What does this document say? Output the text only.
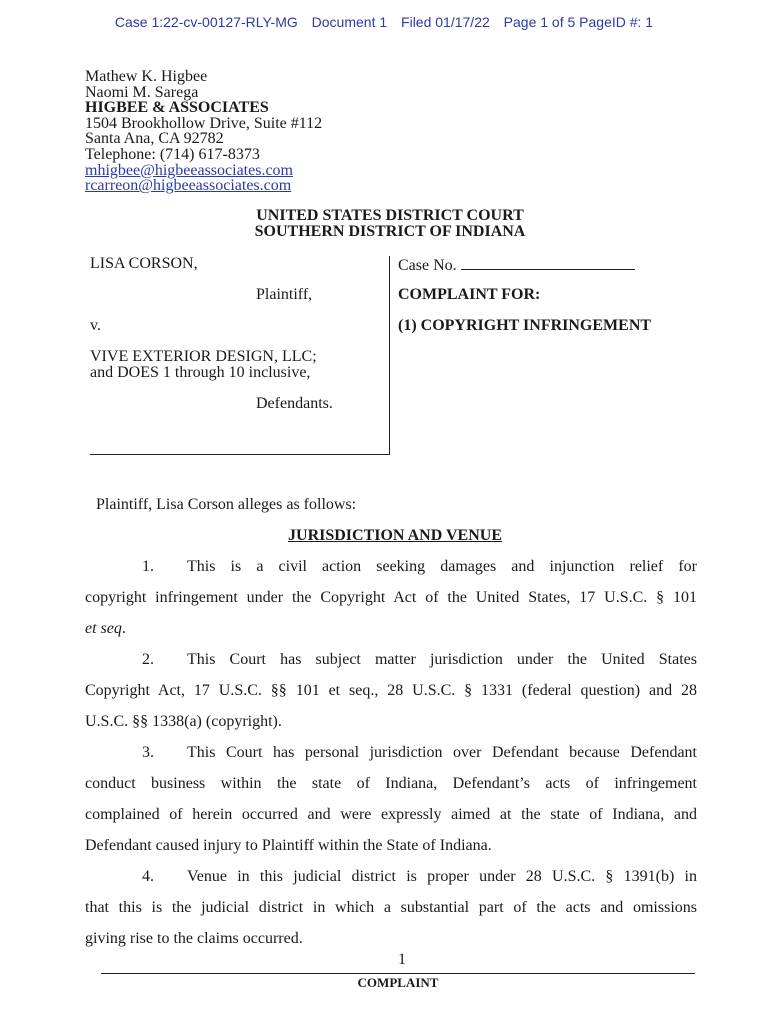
Case 1:22-cv-00127-RLY-MG Document 1 Filed 01/17/22 Page 1 of 5 PageID #: 1
Mathew K. Higbee
Naomi M. Sarega
HIGBEE & ASSOCIATES
1504 Brookhollow Drive, Suite #112
Santa Ana, CA 92782
Telephone: (714) 617-8373
mhigbee@higbeeassociates.com
rcarreon@higbeeassociates.com
UNITED STATES DISTRICT COURT
SOUTHERN DISTRICT OF INDIANA
LISA CORSON,
Plaintiff,
v.
VIVE EXTERIOR DESIGN, LLC;
and DOES 1 through 10 inclusive,
Defendants.
Case No.
COMPLAINT FOR:
(1) COPYRIGHT INFRINGEMENT
Plaintiff, Lisa Corson alleges as follows:
JURISDICTION AND VENUE
1. This is a civil action seeking damages and injunction relief for
copyright infringement under the Copyright Act of the United States, 17 U.S.C. § 101
et seq.
2. This Court has subject matter jurisdiction under the United States
Copyright Act, 17 U.S.C. §§ 101 et seq., 28 U.S.C. § 1331 (federal question) and 28
U.S.C. §§ 1338(a) (copyright).
3. This Court has personal jurisdiction over Defendant because Defendant
conduct business within the state of Indiana, Defendant’s acts of infringement
complained of herein occurred and were expressly aimed at the state of Indiana, and
Defendant caused injury to Plaintiff within the State of Indiana.
4. Venue in this judicial district is proper under 28 U.S.C. § 1391(b) in
that this is the judicial district in which a substantial part of the acts and omissions
giving rise to the claims occurred.
1
COMPLAINT
